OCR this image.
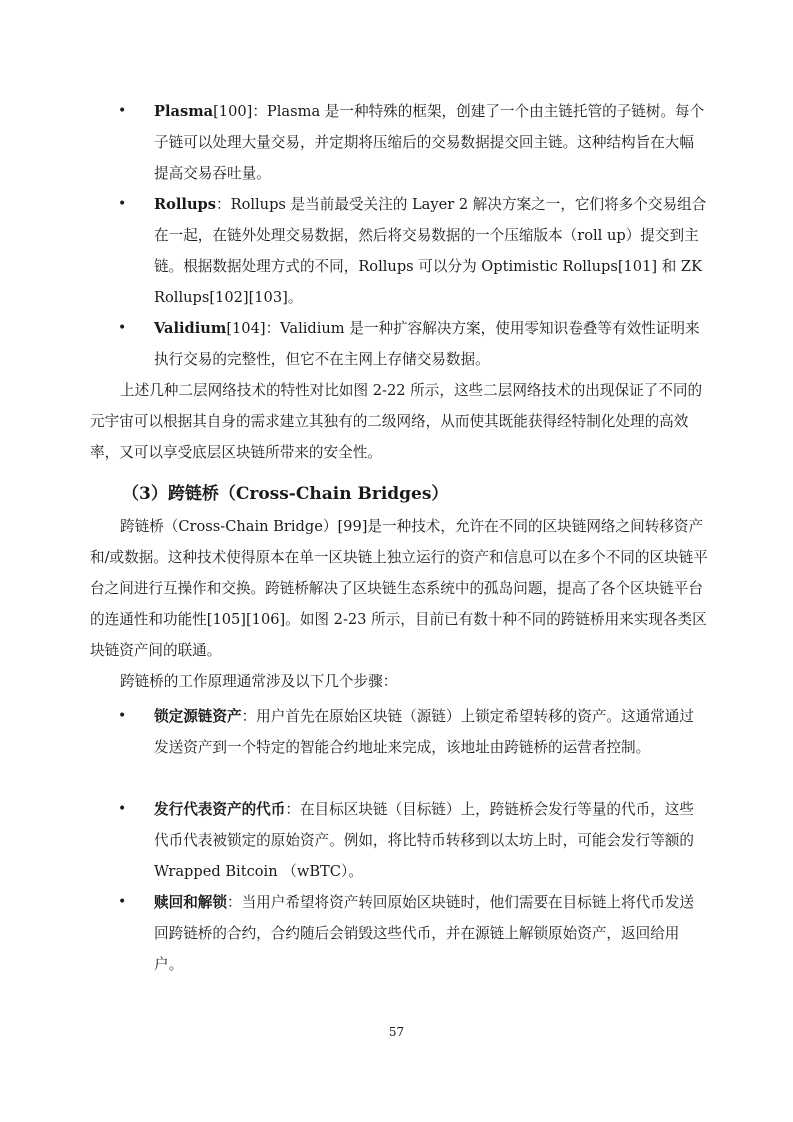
•	Plasma[100]：Plasma 是一种特殊的框架，创建了一个由主链托管的子链树。每个子链可以处理大量交易，并定期将压缩后的交易数据提交回主链。这种结构旨在大幅提高交易吞吐量。
•	Rollups：Rollups 是当前最受关注的 Layer 2 解决方案之一，它们将多个交易组合在一起，在链外处理交易数据，然后将交易数据的一个压缩版本（roll up）提交到主链。根据数据处理方式的不同，Rollups 可以分为 Optimistic Rollups[101] 和 ZK Rollups[102][103]。
•	Validium[104]：Validium 是一种扩容解决方案，使用零知识卷叠等有效性证明来执行交易的完整性，但它不在主网上存储交易数据。
上述几种二层网络技术的特性对比如图 2-22 所示，这些二层网络技术的出现保证了不同的元宇宙可以根据其自身的需求建立其独有的二级网络，从而使其既能获得经特制化处理的高效率，又可以享受底层区块链所带来的安全性。
（3）跨链桥（Cross-Chain Bridges）
跨链桥（Cross-Chain Bridge）[99]是一种技术，允许在不同的区块链网络之间转移资产和/或数据。这种技术使得原本在单一区块链上独立运行的资产和信息可以在多个不同的区块链平台之间进行互操作和交换。跨链桥解决了区块链生态系统中的孤岛问题，提高了各个区块链平台的连通性和功能性[105][106]。如图 2-23 所示，目前已有数十种不同的跨链桥用来实现各类区块链资产间的联通。
跨链桥的工作原理通常涉及以下几个步骤：
•	锁定源链资产：用户首先在原始区块链（源链）上锁定希望转移的资产。这通常通过发送资产到一个特定的智能合约地址来完成，该地址由跨链桥的运营者控制。
•	发行代表资产的代币：在目标区块链（目标链）上，跨链桥会发行等量的代币，这些代币代表被锁定的原始资产。例如，将比特币转移到以太坊上时，可能会发行等额的 Wrapped Bitcoin （wBTC）。
•	赎回和解锁：当用户希望将资产转回原始区块链时，他们需要在目标链上将代币发送回跨链桥的合约，合约随后会销毁这些代币，并在源链上解锁原始资产，返回给用户。
57
